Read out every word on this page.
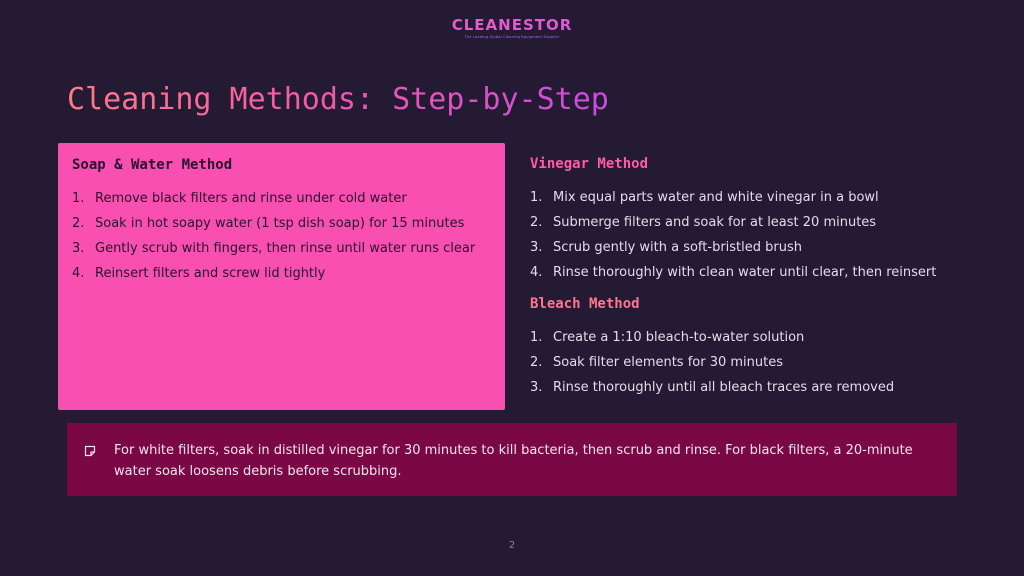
CLEANESTOR
The Leading Global Cleaning Equipment Supplier
Cleaning Methods: Step-by-Step
Soap & Water Method
1. Remove black filters and rinse under cold water
2. Soak in hot soapy water (1 tsp dish soap) for 15 minutes
3. Gently scrub with fingers, then rinse until water runs clear
4. Reinsert filters and screw lid tightly
Vinegar Method
1. Mix equal parts water and white vinegar in a bowl
2. Submerge filters and soak for at least 20 minutes
3. Scrub gently with a soft-bristled brush
4. Rinse thoroughly with clean water until clear, then reinsert
Bleach Method
1. Create a 1:10 bleach-to-water solution
2. Soak filter elements for 30 minutes
3. Rinse thoroughly until all bleach traces are removed
For white filters, soak in distilled vinegar for 30 minutes to kill bacteria, then scrub and rinse. For black filters, a 20-minute water soak loosens debris before scrubbing.
2
